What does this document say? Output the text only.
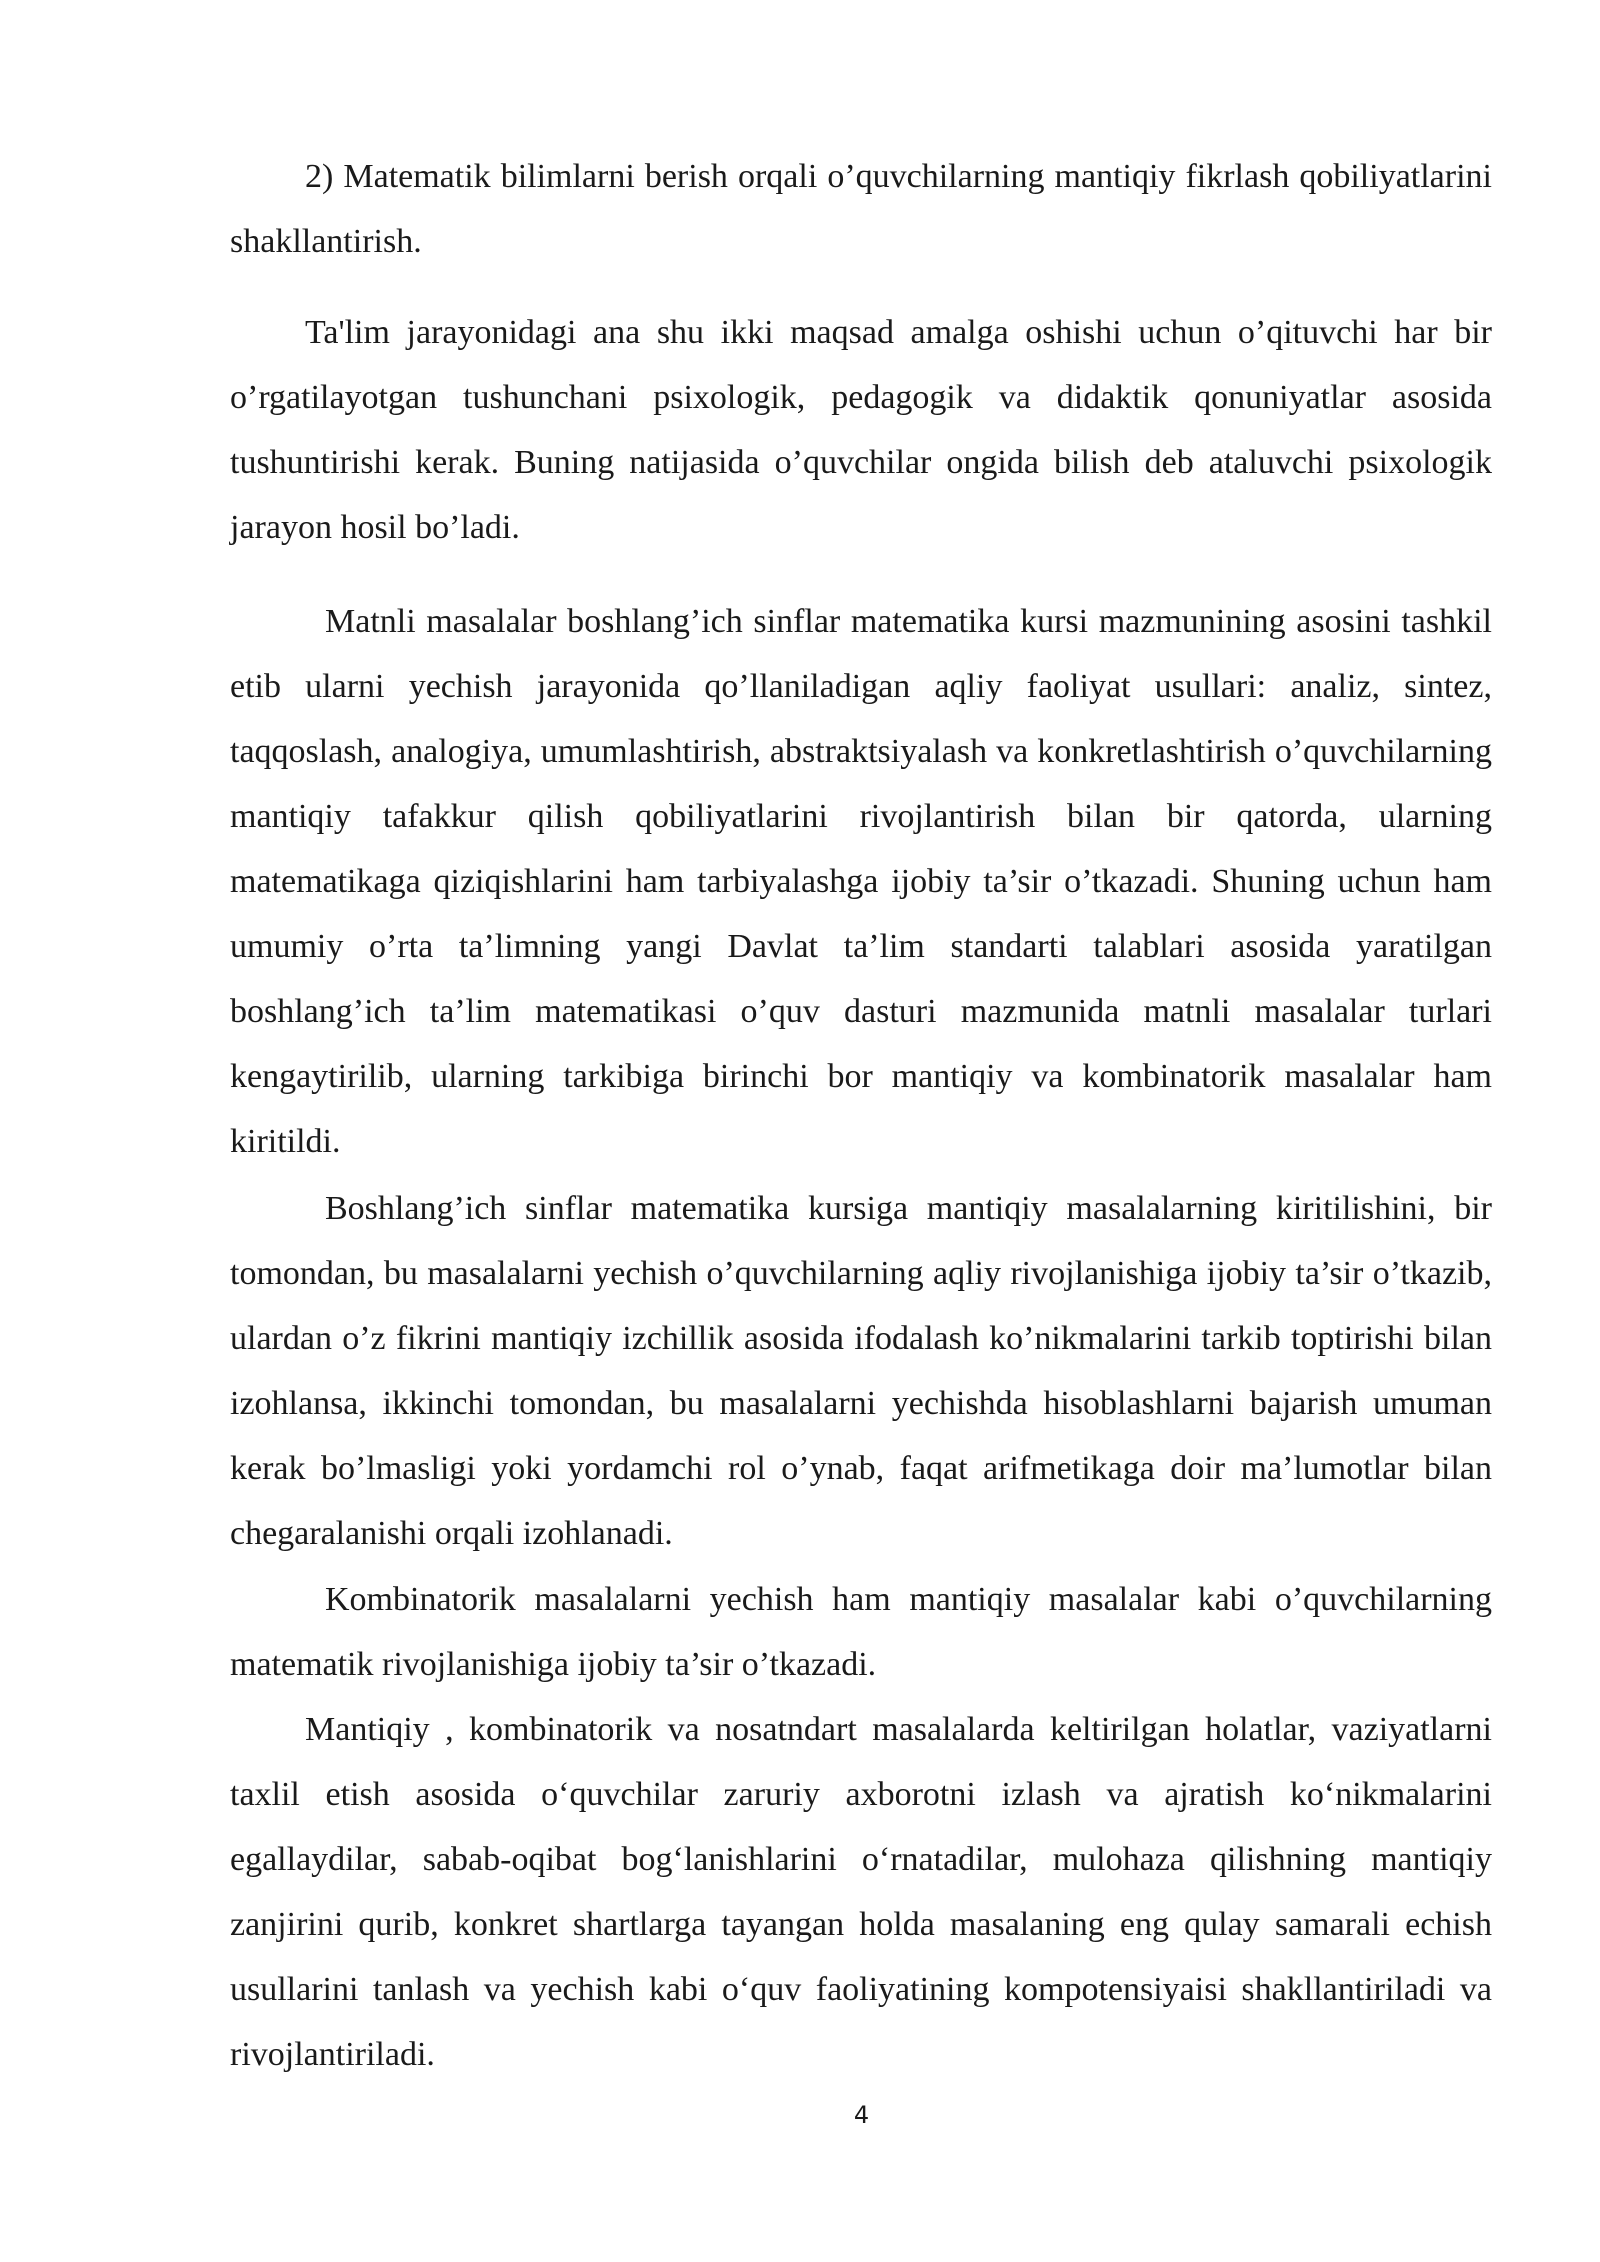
2) Matematik bilimlarni berish orqali o’quvchilarning mantiqiy fikrlash qobiliyatlarini shakllantirish.

Ta'lim jarayonidagi ana shu ikki maqsad amalga oshishi uchun o’qituvchi har bir o’rgatilayotgan tushunchani psixologik, pedagogik va didaktik qonuniyatlar asosida tushuntirishi kerak. Buning natijasida o’quvchilar ongida bilish deb ataluvchi psixologik jarayon hosil bo’ladi.

Matnli masalalar boshlang’ich sinflar matematika kursi mazmunining asosini tashkil etib ularni yechish jarayonida qo’llaniladigan aqliy faoliyat usullari: analiz, sintez, taqqoslash, analogiya, umumlashtirish, abstraktsiyalash va konkretlashtirish o’quvchilarning mantiqiy tafakkur qilish qobiliyatlarini rivojlantirish bilan bir qatorda, ularning matematikaga qiziqishlarini ham tarbiyalashga ijobiy ta’sir o’tkazadi. Shuning uchun ham umumiy o’rta ta’limning yangi Davlat ta’lim standarti talablari asosida yaratilgan boshlang’ich ta’lim matematikasi o’quv dasturi mazmunida matnli masalalar turlari kengaytirilib, ularning tarkibiga birinchi bor mantiqiy va kombinatorik masalalar ham kiritildi.

Boshlang’ich sinflar matematika kursiga mantiqiy masalalarning kiritilishini, bir tomondan, bu masalalarni yechish o’quvchilarning aqliy rivojlanishiga ijobiy ta’sir o’tkazib, ulardan o’z fikrini mantiqiy izchillik asosida ifodalash ko’nikmalarini tarkib toptirishi bilan izohlansa, ikkinchi tomondan, bu masalalarni yechishda hisoblashlarni bajarish umuman kerak bo’lmasligi yoki yordamchi rol o’ynab, faqat arifmetikaga doir ma’lumotlar bilan chegaralanishi orqali izohlanadi.

Kombinatorik masalalarni yechish ham mantiqiy masalalar kabi o’quvchilarning matematik rivojlanishiga ijobiy ta’sir o’tkazadi.

Mantiqiy , kombinatorik va nosatndart masalalarda keltirilgan holatlar, vaziyatlarni taxlil etish asosida o‘quvchilar zaruriy axborotni izlash va ajratish ko‘nikmalarini egallaydilar, sabab-oqibat bog‘lanishlarini o‘rnatadilar, mulohaza qilishning mantiqiy zanjirini qurib, konkret shartlarga tayangan holda masalaning eng qulay samarali echish usullarini tanlash va yechish kabi o‘quv faoliyatining kompotensiyaisi shakllantiriladi va rivojlantiriladi.

4
